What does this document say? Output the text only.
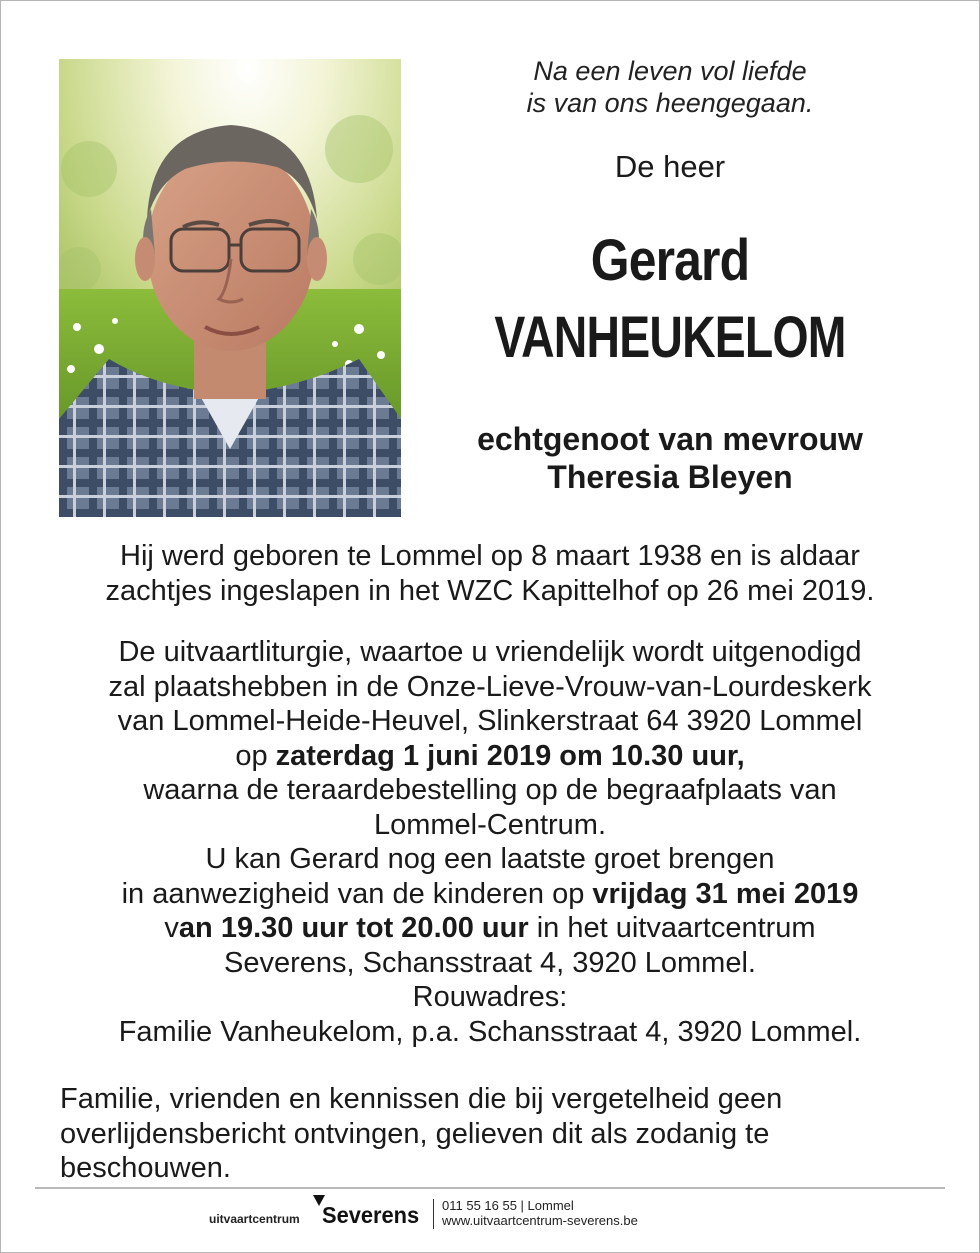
Na een leven vol liefde
is van ons heengegaan.
De heer
Gerard
VANHEUKELOM
echtgenoot van mevrouw
Theresia Bleyen
Hij werd geboren te Lommel op 8 maart 1938 en is aldaar
zachtjes ingeslapen in het WZC Kapittelhof op 26 mei 2019.
De uitvaartliturgie, waartoe u vriendelijk wordt uitgenodigd
zal plaatshebben in de Onze-Lieve-Vrouw-van-Lourdeskerk
van Lommel-Heide-Heuvel, Slinkerstraat 64 3920 Lommel
op zaterdag 1 juni 2019 om 10.30 uur,
waarna de teraardebestelling op de begraafplaats van
Lommel-Centrum.
U kan Gerard nog een laatste groet brengen
in aanwezigheid van de kinderen op vrijdag 31 mei 2019
van 19.30 uur tot 20.00 uur in het uitvaartcentrum
Severens, Schansstraat 4, 3920 Lommel.
Rouwadres:
Familie Vanheukelom, p.a. Schansstraat 4, 3920 Lommel.
Familie, vrienden en kennissen die bij vergetelheid geen
overlijdensbericht ontvingen, gelieven dit als zodanig te
beschouwen.
uitvaartcentrum Severens 011 55 16 55 | Lommel
www.uitvaartcentrum-severens.be
